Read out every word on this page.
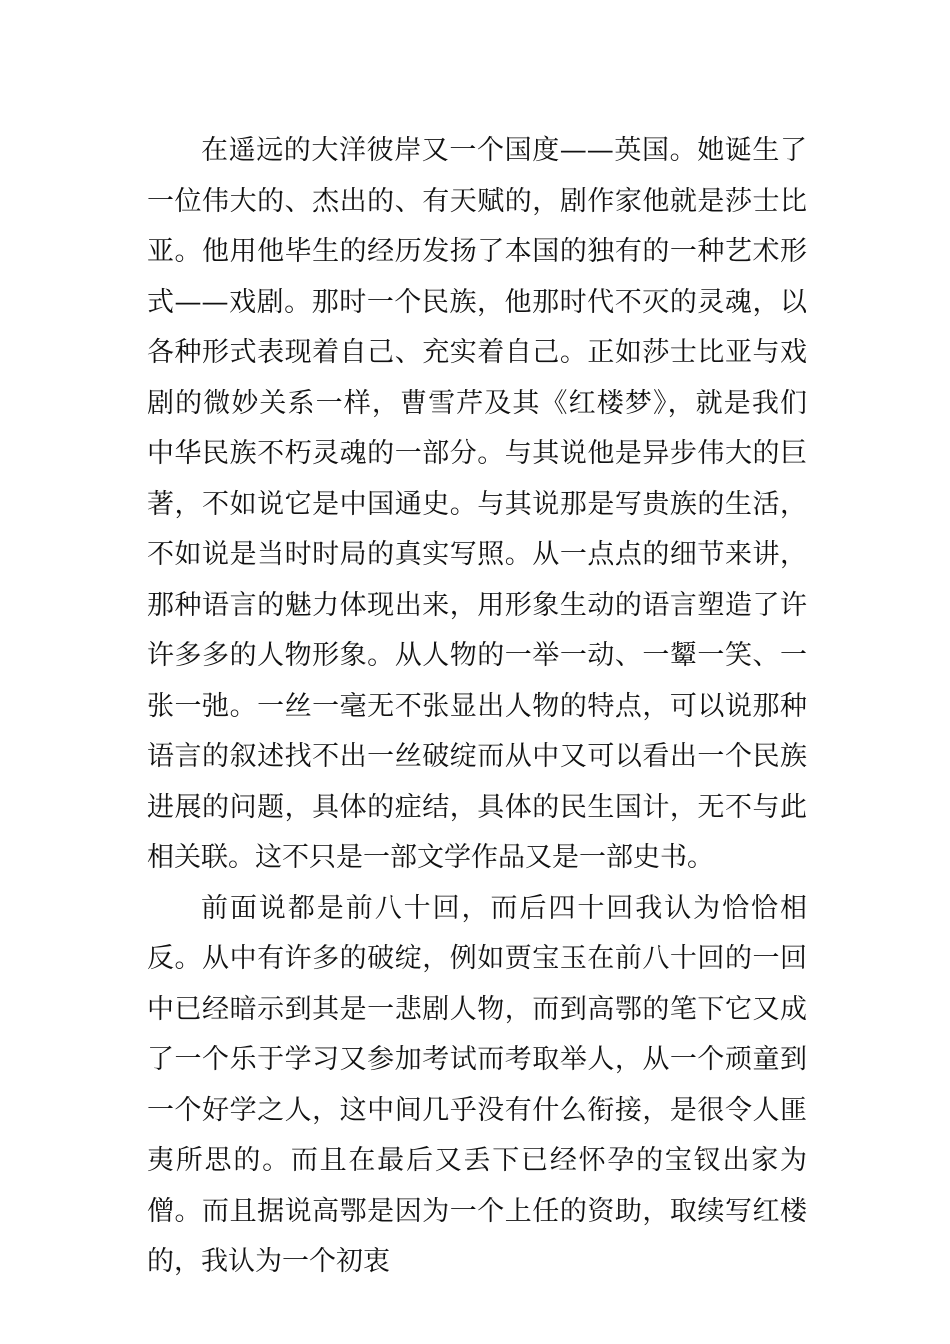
在遥远的大洋彼岸又一个国度——英国。她诞生了一位伟大的、杰出的、有天赋的，剧作家他就是莎士比亚。他用他毕生的经历发扬了本国的独有的一种艺术形式——戏剧。那时一个民族，他那时代不灭的灵魂，以各种形式表现着自己、充实着自己。正如莎士比亚与戏剧的微妙关系一样，曹雪芹及其《红楼梦》，就是我们中华民族不朽灵魂的一部分。与其说他是异步伟大的巨著，不如说它是中国通史。与其说那是写贵族的生活，不如说是当时时局的真实写照。从一点点的细节来讲，那种语言的魅力体现出来，用形象生动的语言塑造了许许多多的人物形象。从人物的一举一动、一颦一笑、一张一弛。一丝一毫无不张显出人物的特点，可以说那种语言的叙述找不出一丝破绽而从中又可以看出一个民族进展的问题，具体的症结，具体的民生国计，无不与此相关联。这不只是一部文学作品又是一部史书。

前面说都是前八十回，而后四十回我认为恰恰相反。从中有许多的破绽，例如贾宝玉在前八十回的一回中已经暗示到其是一悲剧人物，而到高鄂的笔下它又成了一个乐于学习又参加考试而考取举人，从一个顽童到一个好学之人，这中间几乎没有什么衔接，是很令人匪夷所思的。而且在最后又丢下已经怀孕的宝钗出家为僧。而且据说高鄂是因为一个上任的资助，取续写红楼的，我认为一个初衷
